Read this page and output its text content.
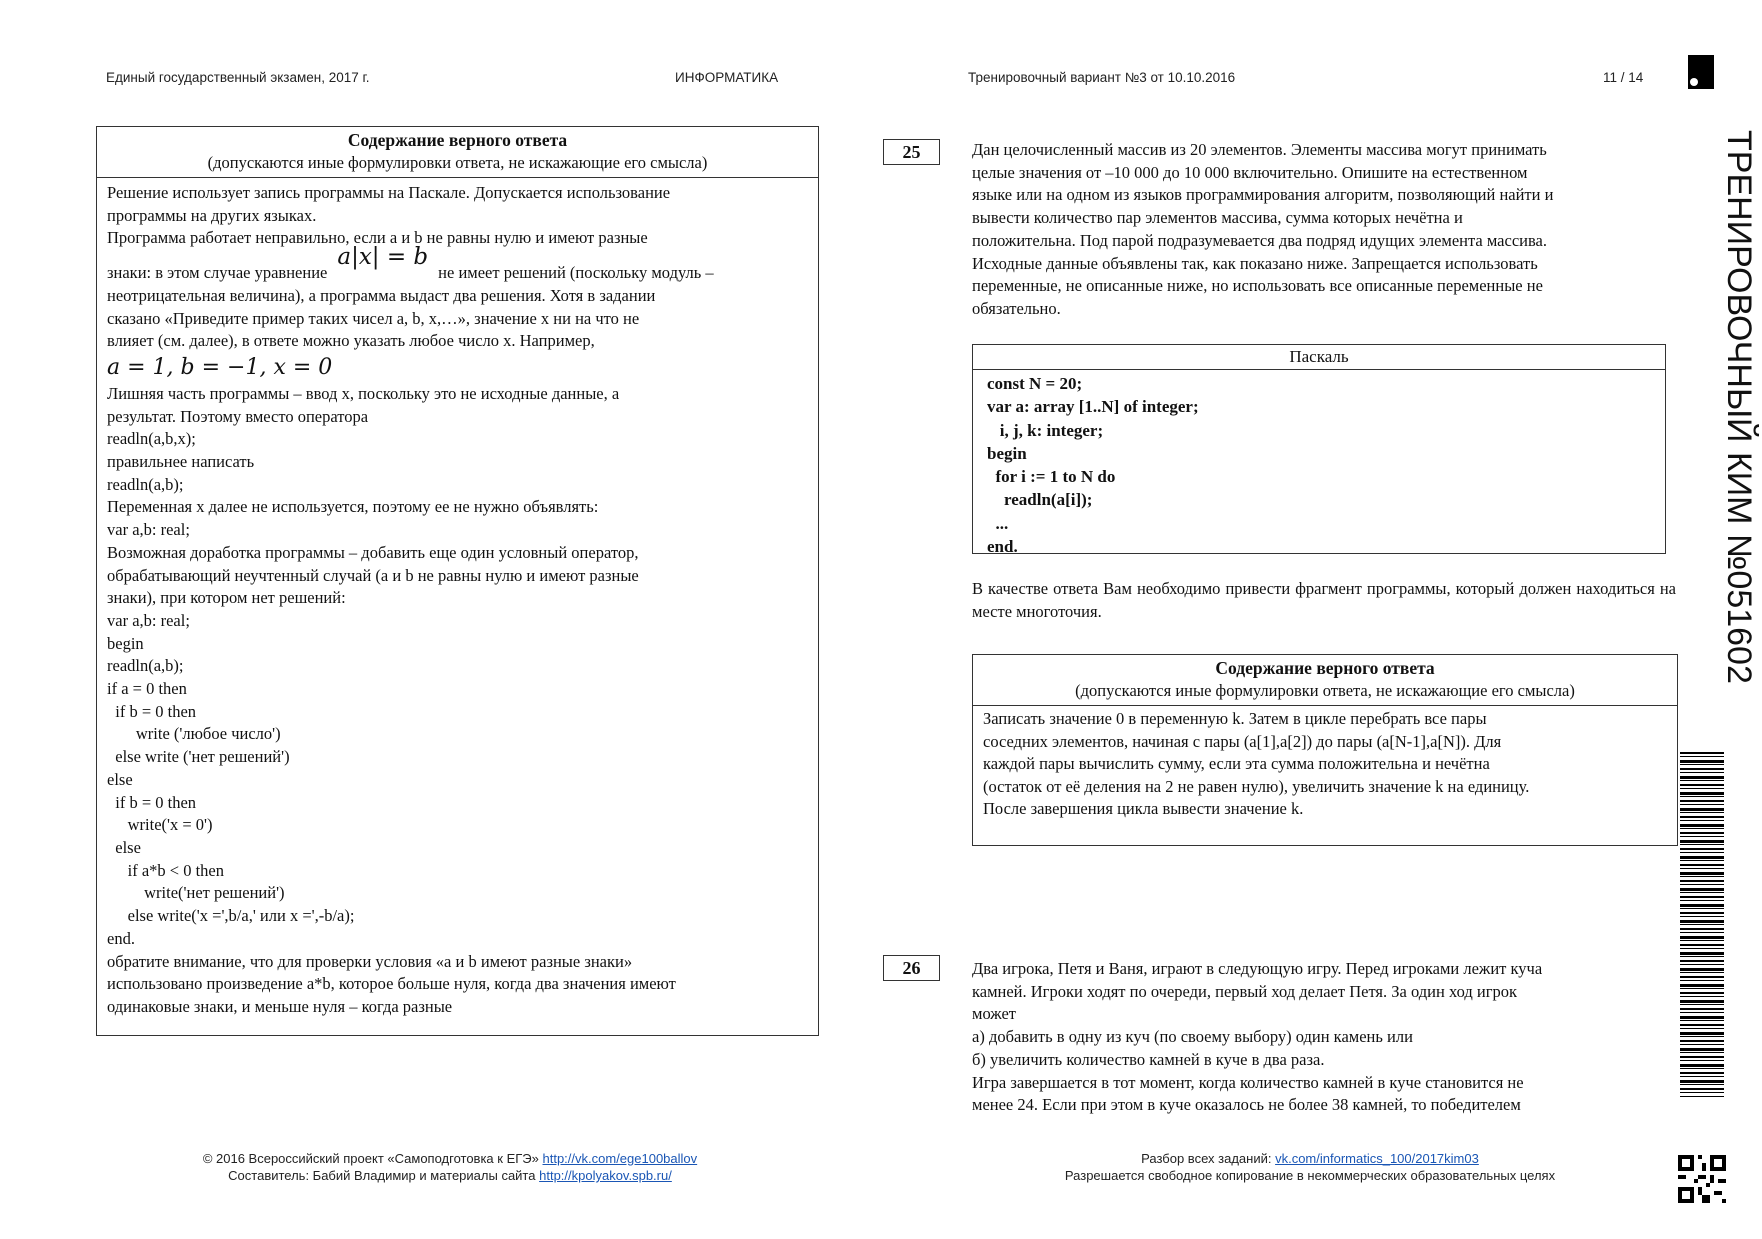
Единый государственный экзамен, 2017 г.	ИНФОРМАТИКА	Тренировочный вариант №3 от 10.10.2016	11 / 14
Содержание верного ответа
(допускаются иные формулировки ответа, не искажающие его смысла)
Решение использует запись программы на Паскале. Допускается использование
программы на других языках.
Программа работает неправильно, если a и b не равны нулю и имеют разные
знаки: в этом случае уравнениеa|x| = bне имеет решений (поскольку модуль –
неотрицательная величина), а программа выдаст два решения. Хотя в задании
сказано «Приведите пример таких чисел a, b, x,…», значение x ни на что не
влияет (см. далее), в ответе можно указать любое число x. Например,
a = 1, b = −1, x = 0
Лишняя часть программы – ввод x, поскольку это не исходные данные, а
результат. Поэтому вместо оператора
readln(a,b,x);
правильнее написать
readln(a,b);
Переменная x далее не используется, поэтому ее не нужно объявлять:
var a,b: real;
Возможная доработка программы – добавить еще один условный оператор,
обрабатывающий неучтенный случай (a и b не равны нулю и имеют разные
знаки), при котором нет решений:
var a,b: real;
begin
readln(a,b);
if a = 0 then
if b = 0 then
write ('любое число')
else write ('нет решений')
else
if b = 0 then
write('x = 0')
else
if a*b < 0 then
write('нет решений')
else write('x =',b/a,' или x =',-b/a);
end.
обратите внимание, что для проверки условия «a и b имеют разные знаки»
использовано произведение a*b, которое больше нуля, когда два значения имеют
одинаковые знаки, и меньше нуля – когда разные
25	Дан целочисленный массив из 20 элементов. Элементы массива могут принимать
целые значения от –10 000 до 10 000 включительно. Опишите на естественном
языке или на одном из языков программирования алгоритм, позволяющий найти и
вывести количество пар элементов массива, сумма которых нечётна и
положительна. Под парой подразумевается два подряд идущих элемента массива.
Исходные данные объявлены так, как показано ниже. Запрещается использовать
переменные, не описанные ниже, но использовать все описанные переменные не
обязательно.
Паскаль
const N = 20;
var a: array [1..N] of integer;
i, j, k: integer;
begin
for i := 1 to N do
readln(a[i]);
...
end.
В качестве ответа Вам необходимо привести фрагмент программы, который должен находиться на месте многоточия.
Содержание верного ответа
(допускаются иные формулировки ответа, не искажающие его смысла)
Записать значение 0 в переменную k. Затем в цикле перебрать все пары
соседних элементов, начиная с пары (a[1],a[2]) до пары (a[N-1],a[N]). Для
каждой пары вычислить сумму, если эта сумма положительна и нечётна
(остаток от её деления на 2 не равен нулю), увеличить значение k на единицу.
После завершения цикла вывести значение k.
26	Два игрока, Петя и Ваня, играют в следующую игру. Перед игроками лежит куча
камней. Игроки ходят по очереди, первый ход делает Петя. За один ход игрок
может
а) добавить в одну из куч (по своему выбору) один камень или
б) увеличить количество камней в куче в два раза.
Игра завершается в тот момент, когда количество камней в куче становится не
менее 24. Если при этом в куче оказалось не более 38 камней, то победителем
ТРЕНИРОВОЧНЫЙ КИМ №051602
© 2016 Всероссийский проект «Самоподготовка к ЕГЭ» http://vk.com/ege100ballov
Составитель: Бабий Владимир и материалы сайта http://kpolyakov.spb.ru/
Разбор всех заданий: vk.com/informatics_100/2017kim03
Разрешается свободное копирование в некоммерческих образовательных целях
